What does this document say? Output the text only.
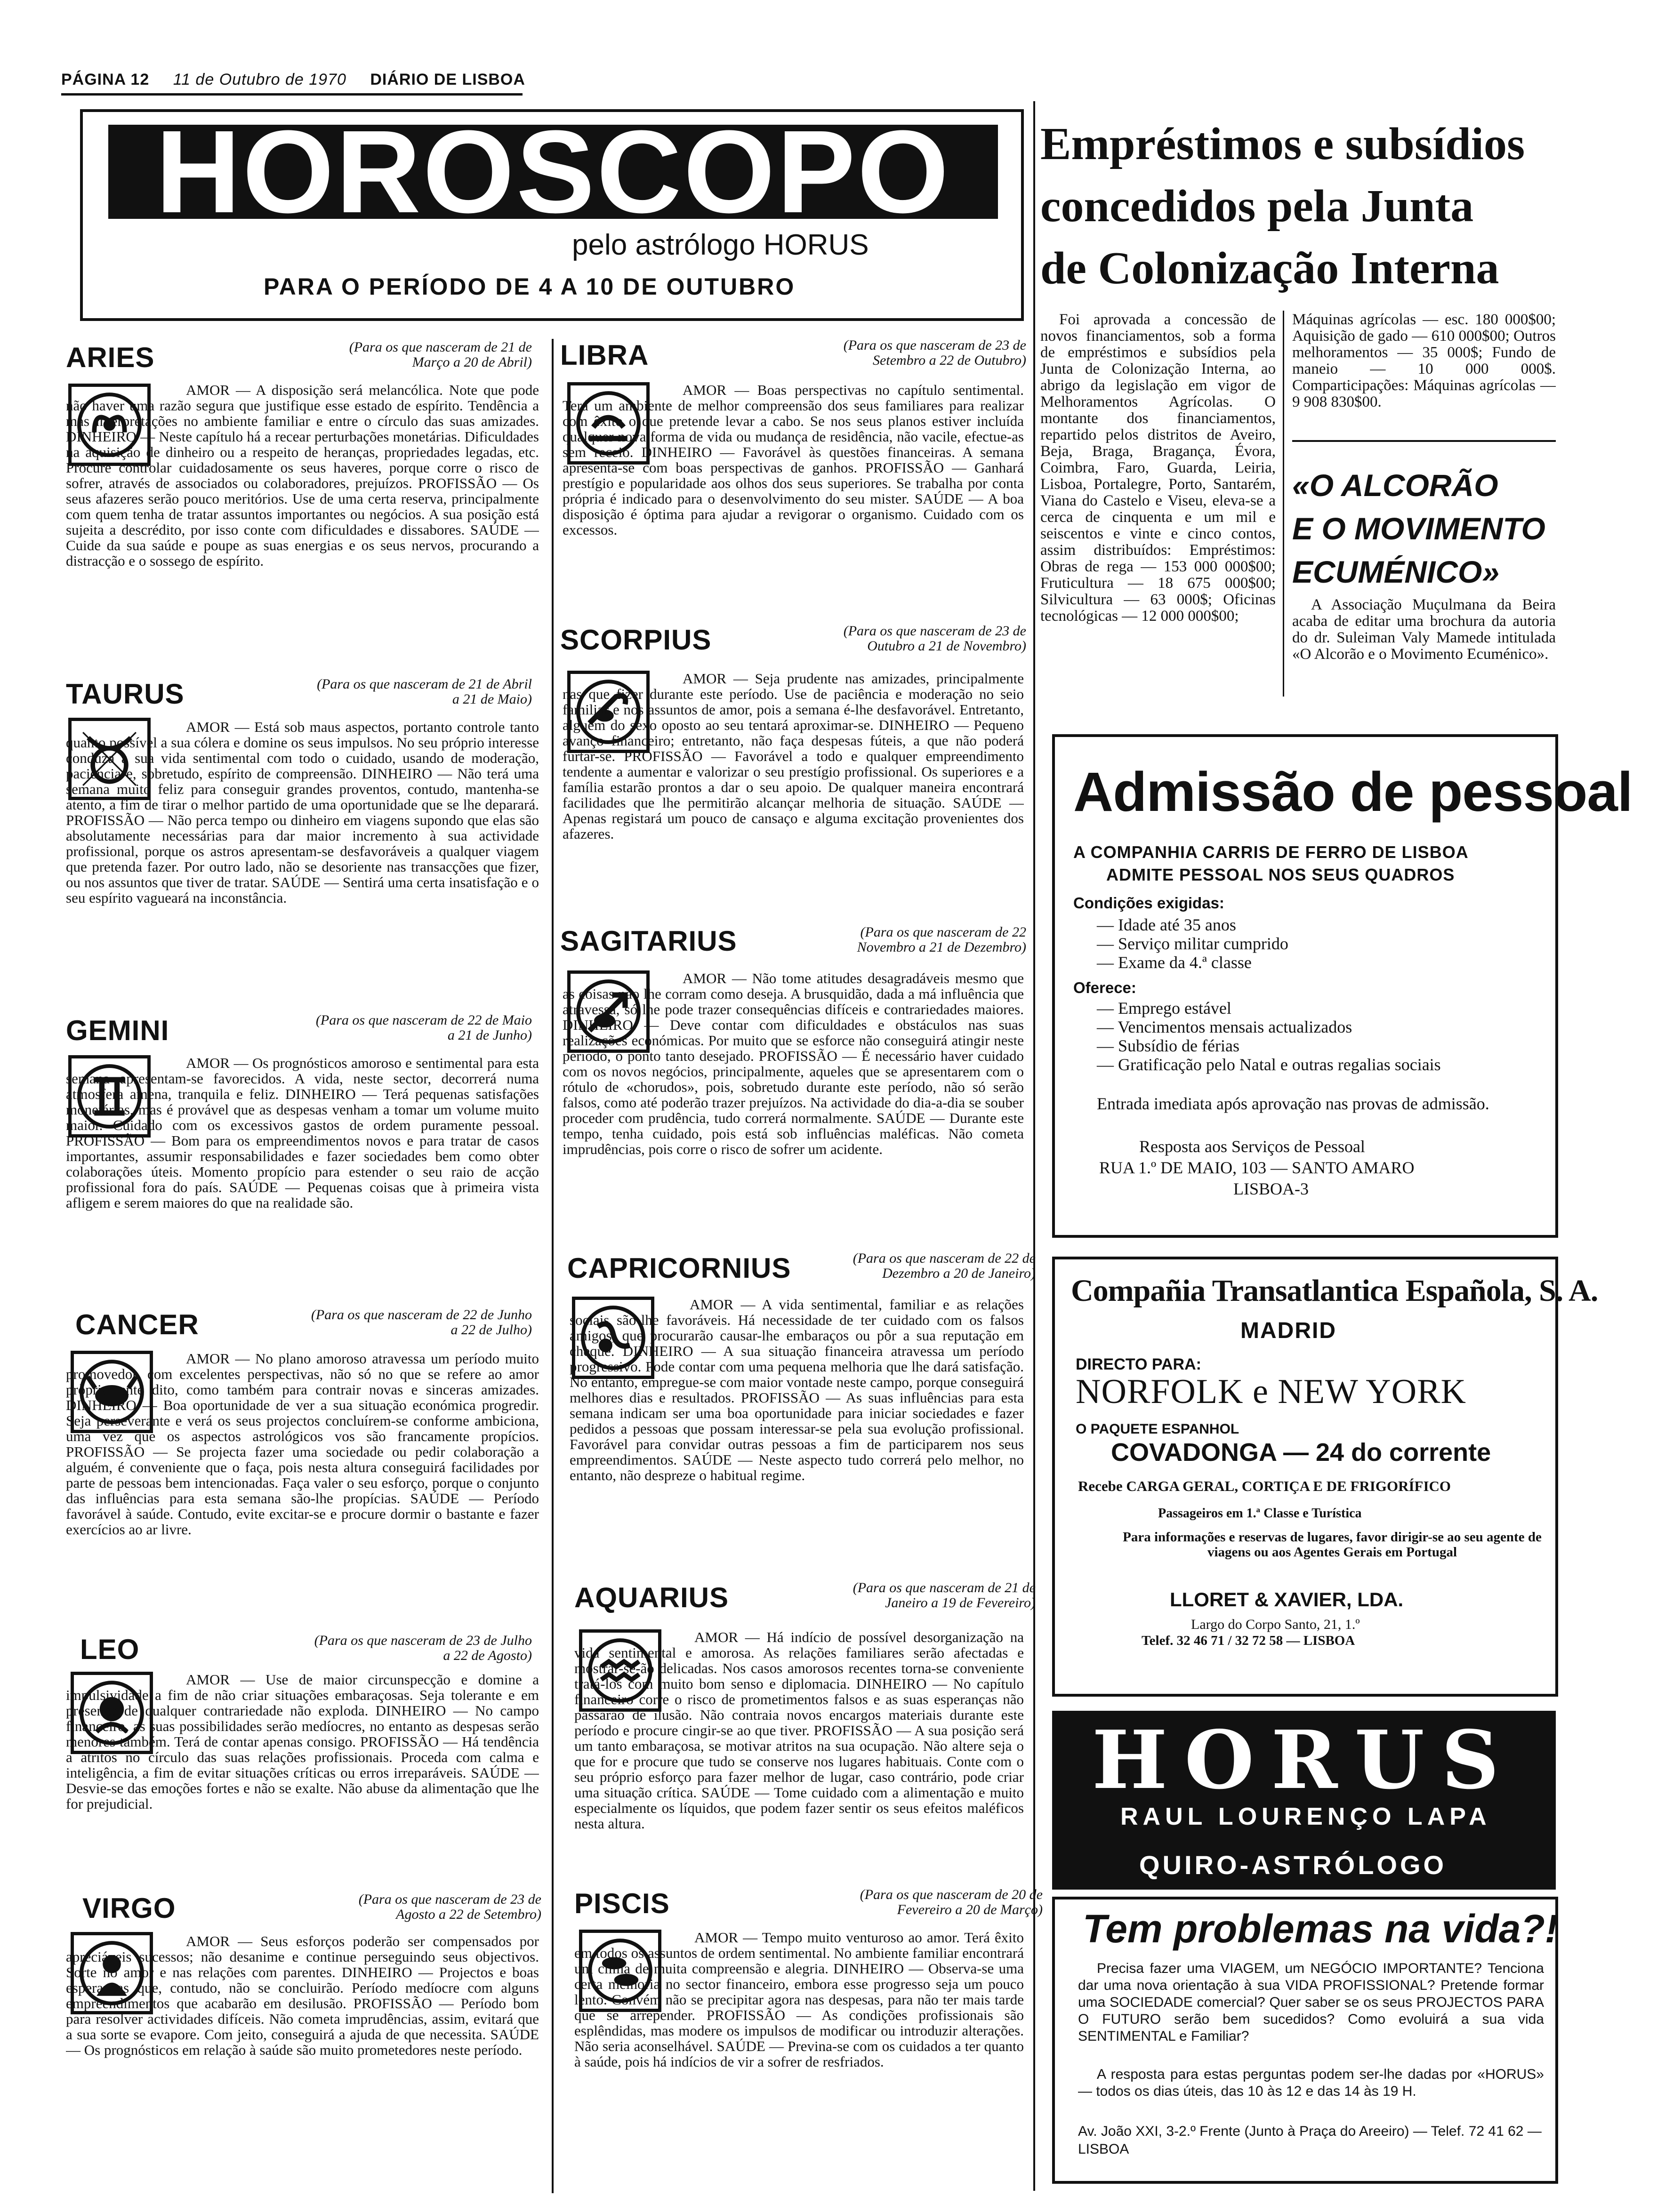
PÁGINA 12 11 de Outubro de 1970 DIÁRIO DE LISBOA
HOROSCOPO
pelo astrólogo HORUS
PARA O PERÍODO DE 4 A 10 DE OUTUBRO
ARIES	(Para os que nasceram de 21 de Março a 20 de Abril)
AMOR — A disposição será melancólica. Note que pode não haver uma razão segura que justifique esse estado de espírito. Tendência a más interpretações no ambiente familiar e entre o círculo das suas amizades. DINHEIRO — Neste capítulo há a recear perturbações monetárias. Dificuldades na aquisição de dinheiro ou a respeito de heranças, propriedades legadas, etc. Procure controlar cuidadosamente os seus haveres, porque corre o risco de sofrer, através de associados ou colaboradores, prejuízos. PROFISSÃO — Os seus afazeres serão pouco meritórios. Use de uma certa reserva, principalmente com quem tenha de tratar assuntos importantes ou negócios. A sua posição está sujeita a descrédito, por isso conte com dificuldades e dissabores. SAÚDE — Cuide da sua saúde e poupe as suas energias e os seus nervos, procurando a distracção e o sossego de espírito.
TAURUS	(Para os que nasceram de 21 de Abril a 21 de Maio)
AMOR — Está sob maus aspectos, portanto controle tanto quanto possível a sua cólera e domine os seus impulsos. No seu próprio interesse conduza a sua vida sentimental com todo o cuidado, usando de moderação, paciência e, sobretudo, espírito de compreensão. DINHEIRO — Não terá uma semana muito feliz para conseguir grandes proventos, contudo, mantenha-se atento, a fim de tirar o melhor partido de uma oportunidade que se lhe deparará. PROFISSÃO — Não perca tempo ou dinheiro em viagens supondo que elas são absolutamente necessárias para dar maior incremento à sua actividade profissional, porque os astros apresentam-se desfavoráveis a qualquer viagem que pretenda fazer. Por outro lado, não se desoriente nas transacções que fizer, ou nos assuntos que tiver de tratar. SAÚDE — Sentirá uma certa insatisfação e o seu espírito vagueará na inconstância.
GEMINI	(Para os que nasceram de 22 de Maio a 21 de Junho)
AMOR — Os prognósticos amoroso e sentimental para esta semana apresentam-se favorecidos. A vida, neste sector, decorrerá numa atmosfera amena, tranquila e feliz. DINHEIRO — Terá pequenas satisfações monetárias, mas é provável que as despesas venham a tomar um volume muito maior. Cuidado com os excessivos gastos de ordem puramente pessoal. PROFISSÃO — Bom para os empreendimentos novos e para tratar de casos importantes, assumir responsabilidades e fazer sociedades bem como obter colaborações úteis. Momento propício para estender o seu raio de acção profissional fora do país. SAÚDE — Pequenas coisas que à primeira vista afligem e serem maiores do que na realidade são.
CANCER	(Para os que nasceram de 22 de Junho a 22 de Julho)
AMOR — No plano amoroso atravessa um período muito promovedor, com excelentes perspectivas, não só no que se refere ao amor pròpriamente dito, como também para contrair novas e sinceras amizades. DINHEIRO — Boa oportunidade de ver a sua situação económica progredir. Seja perseverante e verá os seus projectos concluírem-se conforme ambiciona, uma vez que os aspectos astrológicos vos são francamente propícios. PROFISSÃO — Se projecta fazer uma sociedade ou pedir colaboração a alguém, é conveniente que o faça, pois nesta altura conseguirá facilidades por parte de pessoas bem intencionadas. Faça valer o seu esforço, porque o conjunto das influências para esta semana são-lhe propícias. SAÚDE — Período favorável à saúde. Contudo, evite excitar-se e procure dormir o bastante e fazer exercícios ao ar livre.
LEO	(Para os que nasceram de 23 de Julho a 22 de Agosto)
AMOR — Use de maior circunspecção e domine a impulsividade a fim de não criar situações embaraçosas. Seja tolerante e em presença de qualquer contrariedade não exploda. DINHEIRO — No campo financeiro, as suas possibilidades serão medíocres, no entanto as despesas serão menores também. Terá de contar apenas consigo. PROFISSÃO — Há tendência a atritos no círculo das suas relações profissionais. Proceda com calma e inteligência, a fim de evitar situações críticas ou erros irreparáveis. SAÚDE — Desvie-se das emoções fortes e não se exalte. Não abuse da alimentação que lhe for prejudicial.
VIRGO	(Para os que nasceram de 23 de Agosto a 22 de Setembro)
AMOR — Seus esforços poderão ser compensados por apreciáveis sucessos; não desanime e continue perseguindo seus objectivos. Sorte no amor e nas relações com parentes. DINHEIRO — Projectos e boas esperanças que, contudo, não se concluirão. Período medíocre com alguns empreendimentos que acabarão em desilusão. PROFISSÃO — Período bom para resolver actividades difíceis. Não cometa imprudências, assim, evitará que a sua sorte se evapore. Com jeito, conseguirá a ajuda de que necessita. SAÚDE — Os prognósticos em relação à saúde são muito prometedores neste período.
LIBRA	(Para os que nasceram de 23 de Setembro a 22 de Outubro)
AMOR — Boas perspectivas no capítulo sentimental. Terá um ambiente de melhor compreensão dos seus familiares para realizar com êxito o que pretende levar a cabo. Se nos seus planos estiver incluída qualquer nova forma de vida ou mudança de residência, não vacile, efectue-as sem receio. DINHEIRO — Favorável às questões financeiras. A semana apresenta-se com boas perspectivas de ganhos. PROFISSÃO — Ganhará prestígio e popularidade aos olhos dos seus superiores. Se trabalha por conta própria é indicado para o desenvolvimento do seu mister. SAÚDE — A boa disposição é óptima para ajudar a revigorar o organismo. Cuidado com os excessos.
SCORPIUS	(Para os que nasceram de 23 de Outubro a 21 de Novembro)
AMOR — Seja prudente nas amizades, principalmente nas que fizer durante este período. Use de paciência e moderação no seio familiar e nos assuntos de amor, pois a semana é-lhe desfavorável. Entretanto, alguém do sexo oposto ao seu tentará aproximar-se. DINHEIRO — Pequeno avanço financeiro; entretanto, não faça despesas fúteis, a que não poderá furtar-se. PROFISSÃO — Favorável a todo e qualquer empreendimento tendente a aumentar e valorizar o seu prestígio profissional. Os superiores e a família estarão prontos a dar o seu apoio. De qualquer maneira encontrará facilidades que lhe permitirão alcançar melhoria de situação. SAÚDE — Apenas registará um pouco de cansaço e alguma excitação provenientes dos afazeres.
SAGITARIUS	(Para os que nasceram de 22 Novembro a 21 de Dezembro)
AMOR — Não tome atitudes desagradáveis mesmo que as coisas não lhe corram como deseja. A brusquidão, dada a má influência que atravessa, só lhe pode trazer consequências difíceis e contrariedades maiores. DINHEIRO — Deve contar com dificuldades e obstáculos nas suas realizações económicas. Por muito que se esforce não conseguirá atingir neste período, o ponto tanto desejado. PROFISSÃO — É necessário haver cuidado com os novos negócios, principalmente, aqueles que se apresentarem com o rótulo de «chorudos», pois, sobretudo durante este período, não só serão falsos, como até poderão trazer prejuízos. Na actividade do dia-a-dia se souber proceder com prudência, tudo correrá normalmente. SAÚDE — Durante este tempo, tenha cuidado, pois está sob influências maléficas. Não cometa imprudências, pois corre o risco de sofrer um acidente.
CAPRICORNIUS	(Para os que nasceram de 22 de Dezembro a 20 de Janeiro)
AMOR — A vida sentimental, familiar e as relações sociais são-lhe favoráveis. Há necessidade de ter cuidado com os falsos amigos, que procurarão causar-lhe embaraços ou pôr a sua reputação em cheque. DINHEIRO — A sua situação financeira atravessa um período progressivo. Pode contar com uma pequena melhoria que lhe dará satisfação. No entanto, empregue-se com maior vontade neste campo, porque conseguirá melhores dias e resultados. PROFISSÃO — As suas influências para esta semana indicam ser uma boa oportunidade para iniciar sociedades e fazer pedidos a pessoas que possam interessar-se pela sua evolução profissional. Favorável para convidar outras pessoas a fim de participarem nos seus empreendimentos. SAÚDE — Neste aspecto tudo correrá pelo melhor, no entanto, não despreze o habitual regime.
AQUARIUS	(Para os que nasceram de 21 de Janeiro a 19 de Fevereiro)
AMOR — Há indício de possível desorganização na vida sentimental e amorosa. As relações familiares serão afectadas e mostrar-se-ão delicadas. Nos casos amorosos recentes torna-se conveniente tratá-los com muito bom senso e diplomacia. DINHEIRO — No capítulo financeiro corre o risco de prometimentos falsos e as suas esperanças não passarão de ilusão. Não contraia novos encargos materiais durante este período e procure cingir-se ao que tiver. PROFISSÃO — A sua posição será um tanto embaraçosa, se motivar atritos na sua ocupação. Não altere seja o que for e procure que tudo se conserve nos lugares habituais. Conte com o seu próprio esforço para fazer melhor de lugar, caso contrário, pode criar uma situação crítica. SAÚDE — Tome cuidado com a alimentação e muito especialmente os líquidos, que podem fazer sentir os seus efeitos maléficos nesta altura.
PISCIS	(Para os que nasceram de 20 de Fevereiro a 20 de Março)
AMOR — Tempo muito venturoso ao amor. Terá êxito em todos os assuntos de ordem sentimental. No ambiente familiar encontrará um clima de muita compreensão e alegria. DINHEIRO — Observa-se uma certa melhoria no sector financeiro, embora esse progresso seja um pouco lento. Convém não se precipitar agora nas despesas, para não ter mais tarde que se arrepender. PROFISSÃO — As condições profissionais são esplêndidas, mas modere os impulsos de modificar ou introduzir alterações. Não seria aconselhável. SAÚDE — Previna-se com os cuidados a ter quanto à saúde, pois há indícios de vir a sofrer de resfriados.
Empréstimos e subsídios
concedidos pela Junta
de Colonização Interna
Foi aprovada a concessão de novos financiamentos, sob a forma de empréstimos e subsídios pela Junta de Colonização Interna, ao abrigo da legislação em vigor de Melhoramentos Agrícolas. O montante dos financiamentos, repartido pelos distritos de Aveiro, Beja, Braga, Bragança, Évora, Coimbra, Faro, Guarda, Leiria, Lisboa, Portalegre, Porto, Santarém, Viana do Castelo e Viseu, eleva-se a cerca de cinquenta e um mil e seiscentos e vinte e cinco contos, assim distribuídos: Empréstimos: Obras de rega — 153 000 000$00; Fruticultura — 18 675 000$00; Silvicultura — 63 000$; Oficinas tecnológicas — 12 000 000$00;
Máquinas agrícolas — esc. 180 000$00; Aquisição de gado — 610 000$00; Outros melhoramentos — 35 000$; Fundo de maneio — 10 000 000$. Comparticipações: Máquinas agrícolas — 9 908 830$00.
«O ALCORÃO
E O MOVIMENTO
ECUMÉNICO»
A Associação Muçulmana da Beira acaba de editar uma brochura da autoria do dr. Suleiman Valy Mamede intitulada «O Alcorão e o Movimento Ecuménico».
Admissão de pessoal
A COMPANHIA CARRIS DE FERRO DE LISBOA
ADMITE PESSOAL NOS SEUS QUADROS
Condições exigidas:
— Idade até 35 anos
— Serviço militar cumprido
— Exame da 4.ª classe
Oferece:
— Emprego estável
— Vencimentos mensais actualizados
— Subsídio de férias
— Gratificação pelo Natal e outras regalias sociais
Entrada imediata após aprovação nas provas de admissão.
Resposta aos Serviços de Pessoal
RUA 1.º DE MAIO, 103 — SANTO AMARO
LISBOA-3
Compañia Transatlantica Española, S. A.
MADRID
DIRECTO PARA:
NORFOLK e NEW YORK
O PAQUETE ESPANHOL
COVADONGA — 24 do corrente
Recebe CARGA GERAL, CORTIÇA E DE FRIGORÍFICO
Passageiros em 1.ª Classe e Turística
Para informações e reservas de lugares, favor dirigir-se ao seu agente de viagens ou aos Agentes Gerais em Portugal
LLORET & XAVIER, LDA.
Largo do Corpo Santo, 21, 1.º
Telef. 32 46 71 / 32 72 58 — LISBOA
HORUS
RAUL LOURENÇO LAPA
QUIRO-ASTRÓLOGO
Tem problemas na vida?!
Precisa fazer uma VIAGEM, um NEGÓCIO IMPORTANTE? Tenciona dar uma nova orientação à sua VIDA PROFISSIONAL? Pretende formar uma SOCIEDADE comercial? Quer saber se os seus PROJECTOS PARA O FUTURO serão bem sucedidos? Como evoluirá a sua vida SENTIMENTAL e Familiar?
A resposta para estas perguntas podem ser-lhe dadas por «HORUS» — todos os dias úteis, das 10 às 12 e das 14 às 19 H.
Av. João XXI, 3-2.º Frente (Junto à Praça do Areeiro) — Telef. 72 41 62 — LISBOA
